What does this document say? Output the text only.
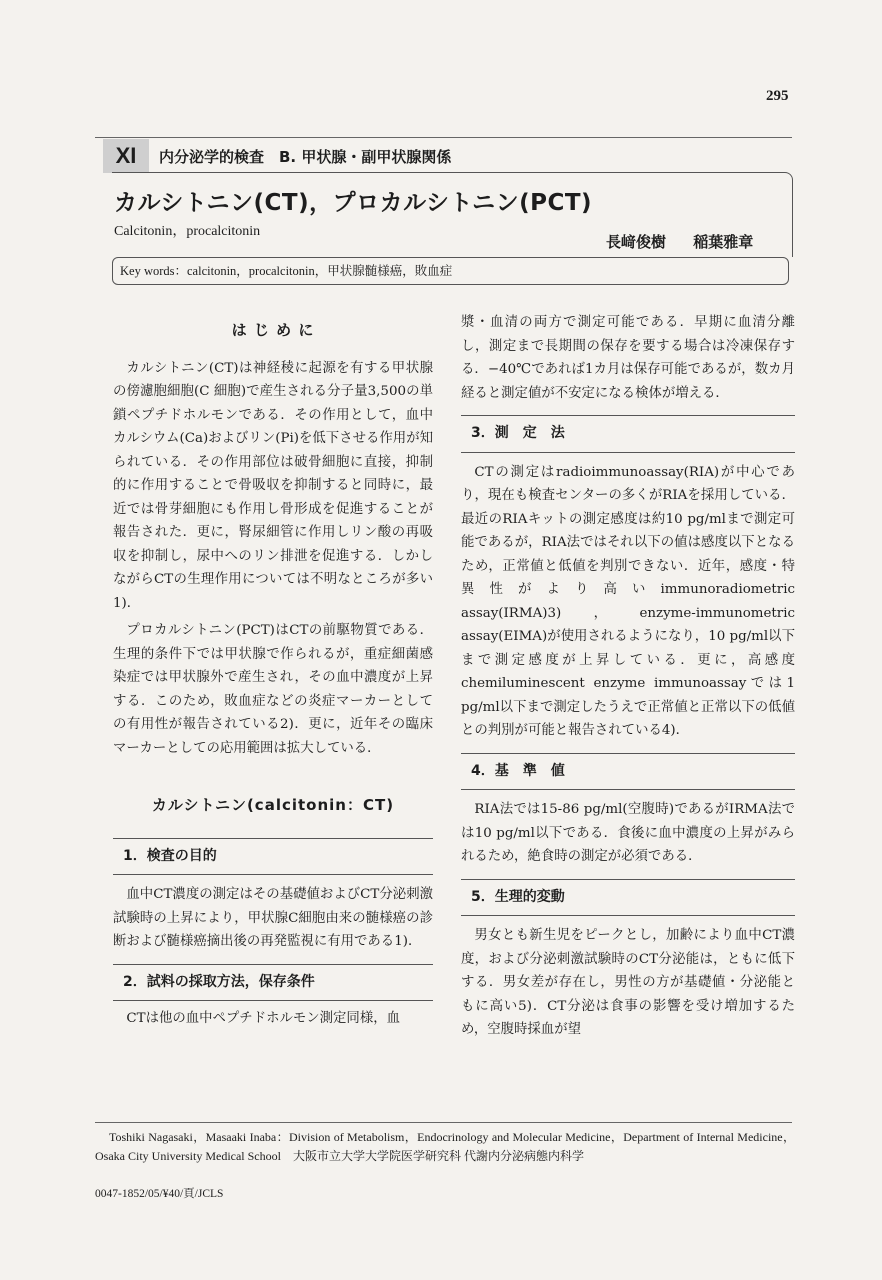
295
XI	内分泌学的検査　B. 甲状腺・副甲状腺関係
カルシトニン(CT)，プロカルシトニン(PCT)
Calcitonin，procalcitonin
長﨑俊樹 稲葉雅章
Key words：calcitonin，procalcitonin，甲状腺髄様癌，敗血症
は じ め に

カルシトニン(CT)は神経稜に起源を有する甲状腺の傍濾胞細胞(C 細胞)で産生される分子量3,500の単鎖ペプチドホルモンである．その作用として，血中カルシウム(Ca)およびリン(Pi)を低下させる作用が知られている．その作用部位は破骨細胞に直接，抑制的に作用することで骨吸収を抑制すると同時に，最近では骨芽細胞にも作用し骨形成を促進することが報告された．更に，腎尿細管に作用しリン酸の再吸収を抑制し，尿中へのリン排泄を促進する．しかしながらCTの生理作用については不明なところが多い1)．

プロカルシトニン(PCT)はCTの前駆物質である．生理的条件下では甲状腺で作られるが，重症細菌感染症では甲状腺外で産生され，その血中濃度が上昇する．このため，敗血症などの炎症マーカーとしての有用性が報告されている2)．更に，近年その臨床マーカーとしての応用範囲は拡大している．

カルシトニン(calcitonin：CT)
1．検査の目的

血中CT濃度の測定はその基礎値およびCT分泌刺激試験時の上昇により，甲状腺C細胞由来の髄様癌の診断および髄様癌摘出後の再発監視に有用である1)．

2．試料の採取方法，保存条件

CTは他の血中ペプチドホルモン測定同様，血

漿・血清の両方で測定可能である．早期に血清分離し，測定まで長期間の保存を要する場合は冷凍保存する．−40℃であれば1カ月は保存可能であるが，数カ月経ると測定値が不安定になる検体が増える．

3．測　定　法

CTの測定はradioimmunoassay(RIA)が中心であり，現在も検査センターの多くがRIAを採用している．最近のRIAキットの測定感度は約10 pg/mlまで測定可能であるが，RIA法ではそれ以下の値は感度以下となるため，正常値と低値を判別できない．近年，感度・特異性がより高いimmunoradiometric assay(IRMA)3)，enzyme-immunometric assay(EIMA)が使用されるようになり，10 pg/ml以下まで測定感度が上昇している．更に，高感度chemiluminescent enzyme immunoassayでは1 pg/ml以下まで測定したうえで正常値と正常以下の低値との判別が可能と報告されている4)．

4．基　準　値

RIA法では15-86 pg/ml(空腹時)であるがIRMA法では10 pg/ml以下である．食後に血中濃度の上昇がみられるため，絶食時の測定が必須である．

5．生理的変動

男女とも新生児をピークとし，加齢により血中CT濃度，および分泌刺激試験時のCT分泌能は，ともに低下する．男女差が存在し，男性の方が基礎値・分泌能ともに高い5)．CT分泌は食事の影響を受け増加するため，空腹時採血が望

Toshiki Nagasaki，Masaaki Inaba：Division of Metabolism，Endocrinology and Molecular Medicine，Department of Internal Medicine，Osaka City University Medical School　 大阪市立大学大学院医学研究科 代謝内分泌病態内科学
0047-1852/05/¥40/頁/JCLS
